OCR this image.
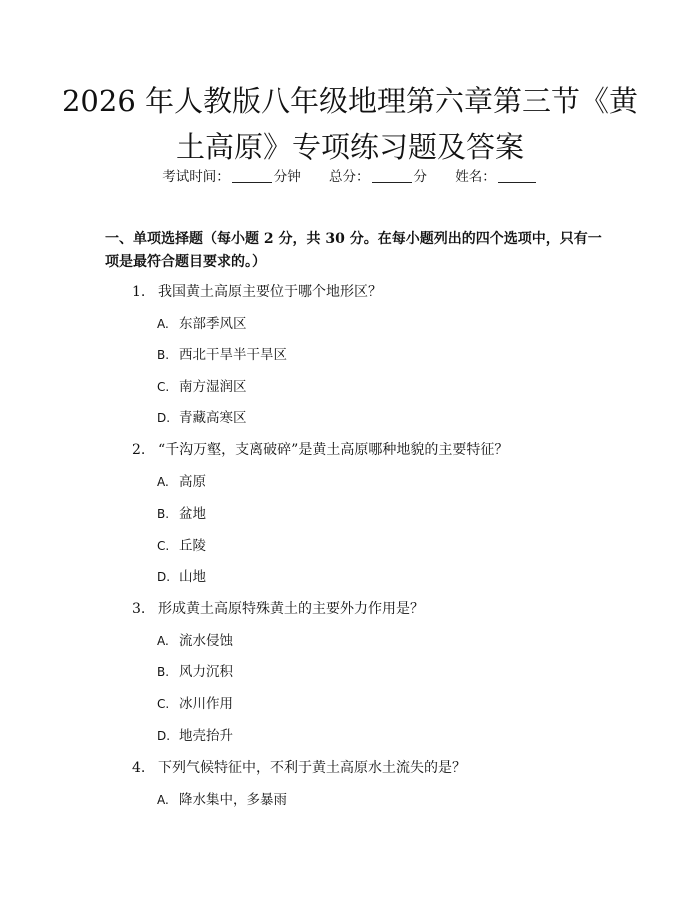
2026 年人教版八年级地理第六章第三节《黄土高原》专项练习题及答案
考试时间：	分钟 总分：	分 姓名：

一、单项选择题（每小题 2 分，共 30 分。在每小题列出的四个选项中，只有一项是最符合题目要求的。）

1. 我国黄土高原主要位于哪个地形区？
A. 东部季风区
B. 西北干旱半干旱区
C. 南方湿润区
D. 青藏高寒区
2. “千沟万壑，支离破碎”是黄土高原哪种地貌的主要特征？
A. 高原
B. 盆地
C. 丘陵
D. 山地
3. 形成黄土高原特殊黄土的主要外力作用是？
A. 流水侵蚀
B. 风力沉积
C. 冰川作用
D. 地壳抬升
4. 下列气候特征中，不利于黄土高原水土流失的是？
A. 降水集中，多暴雨
